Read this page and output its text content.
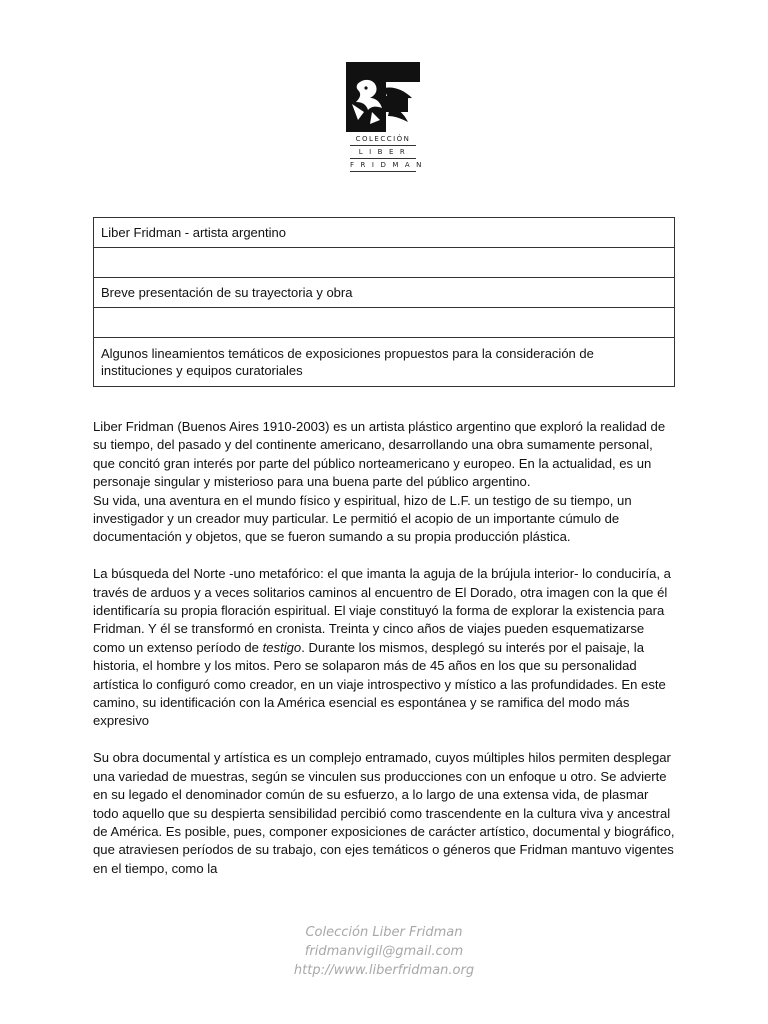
COLECCIÓN
LIBER
FRIDMAN
Liber Fridman - artista argentino

Breve presentación de su trayectoria y obra

Algunos lineamientos temáticos de exposiciones propuestos para la consideración de instituciones y equipos curatoriales

Liber Fridman (Buenos Aires 1910-2003) es un artista plástico argentino que exploró la realidad de su tiempo, del pasado y del continente americano, desarrollando una obra sumamente personal, que concitó gran interés por parte del público norteamericano y europeo. En la actualidad, es un personaje singular y misterioso para una buena parte del público argentino.

Su vida, una aventura en el mundo físico y espiritual, hizo de L.F. un testigo de su tiempo, un investigador y un creador muy particular. Le permitió el acopio de un importante cúmulo de documentación y objetos, que se fueron sumando a su propia producción plástica.

La búsqueda del Norte -uno metafórico: el que imanta la aguja de la brújula interior- lo conduciría, a través de arduos y a veces solitarios caminos al encuentro de El Dorado, otra imagen con la que él identificaría su propia floración espiritual. El viaje constituyó la forma de explorar la existencia para Fridman. Y él se transformó en cronista. Treinta y cinco años de viajes pueden esquematizarse como un extenso período de testigo. Durante los mismos, desplegó su interés por el paisaje, la historia, el hombre y los mitos. Pero se solaparon más de 45 años en los que su personalidad artística lo configuró como creador, en un viaje introspectivo y místico a las profundidades. En este camino, su identificación con la América esencial es espontánea y se ramifica del modo más expresivo

Su obra documental y artística es un complejo entramado, cuyos múltiples hilos permiten desplegar una variedad de muestras, según se vinculen sus producciones con un enfoque u otro. Se advierte en su legado el denominador común de su esfuerzo, a lo largo de una extensa vida, de plasmar todo aquello que su despierta sensibilidad percibió como trascendente en la cultura viva y ancestral de América. Es posible, pues, componer exposiciones de carácter artístico, documental y biográfico, que atraviesen períodos de su trabajo, con ejes temáticos o géneros que Fridman mantuvo vigentes en el tiempo, como la

Colección Liber Fridman
fridmanvigil@gmail.com
http://www.liberfridman.org
